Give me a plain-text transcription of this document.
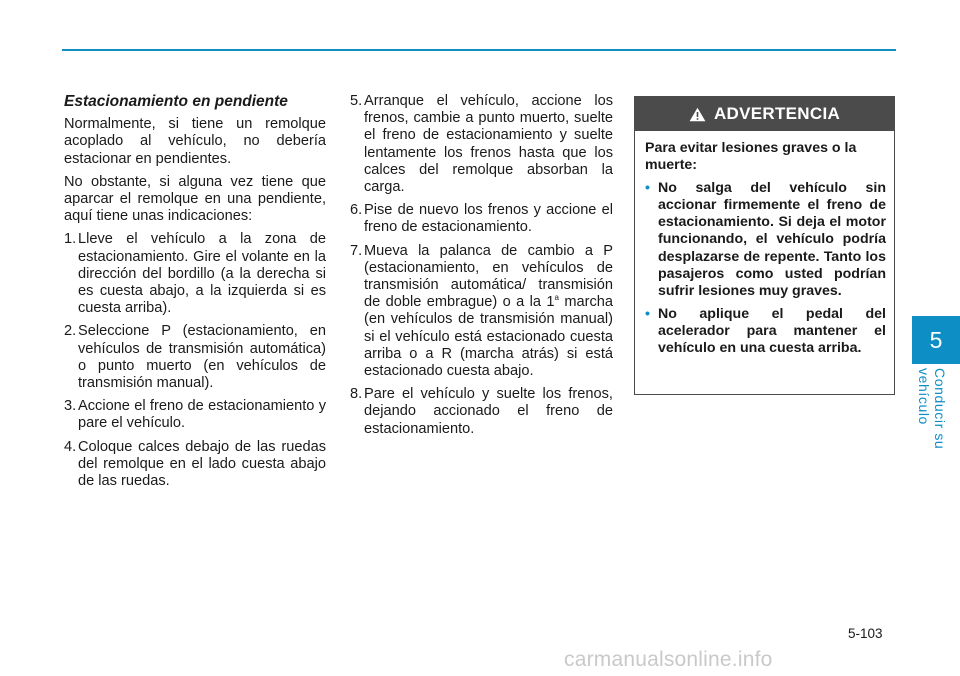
Estacionamiento en pendiente

Normalmente, si tiene un remolque acoplado al vehículo, no debería estacionar en pendientes.

No obstante, si alguna vez tiene que aparcar el remolque en una pendiente, aquí tiene unas indicaciones:

1. Lleve el vehículo a la zona de estacionamiento. Gire el volante en la dirección del bordillo (a la derecha si es cuesta abajo, a la izquierda si es cuesta arriba).
2. Seleccione P (estacionamiento, en vehículos de transmisión automática) o punto muerto (en vehículos de transmisión manual).
3. Accione el freno de estacionamiento y pare el vehículo.
4. Coloque calces debajo de las ruedas del remolque en el lado cuesta abajo de las ruedas.
5. Arranque el vehículo, accione los frenos, cambie a punto muerto, suelte el freno de estacionamiento y suelte lentamente los frenos hasta que los calces del remolque absorban la carga.
6. Pise de nuevo los frenos y accione el freno de estacionamiento.
7. Mueva la palanca de cambio a P (estacionamiento, en vehículos de transmisión automática/ transmisión de doble embrague) o a la 1$^a$ marcha (en vehículos de transmisión manual) si el vehículo está estacionado cuesta arriba o a R (marcha atrás) si está estacionado cuesta abajo.
8. Pare el vehículo y suelte los frenos, dejando accionado el freno de estacionamiento.
ADVERTENCIA

Para evitar lesiones graves o la muerte:

• No salga del vehículo sin accionar firmemente el freno de estacionamiento. Si deja el motor funcionando, el vehículo podría desplazarse de repente. Tanto los pasajeros como usted podrían sufrir lesiones muy graves.
• No aplique el pedal del acelerador para mantener el vehículo en una cuesta arriba.	5
Conducir su vehículo
5-103
carmanualsonline.info
